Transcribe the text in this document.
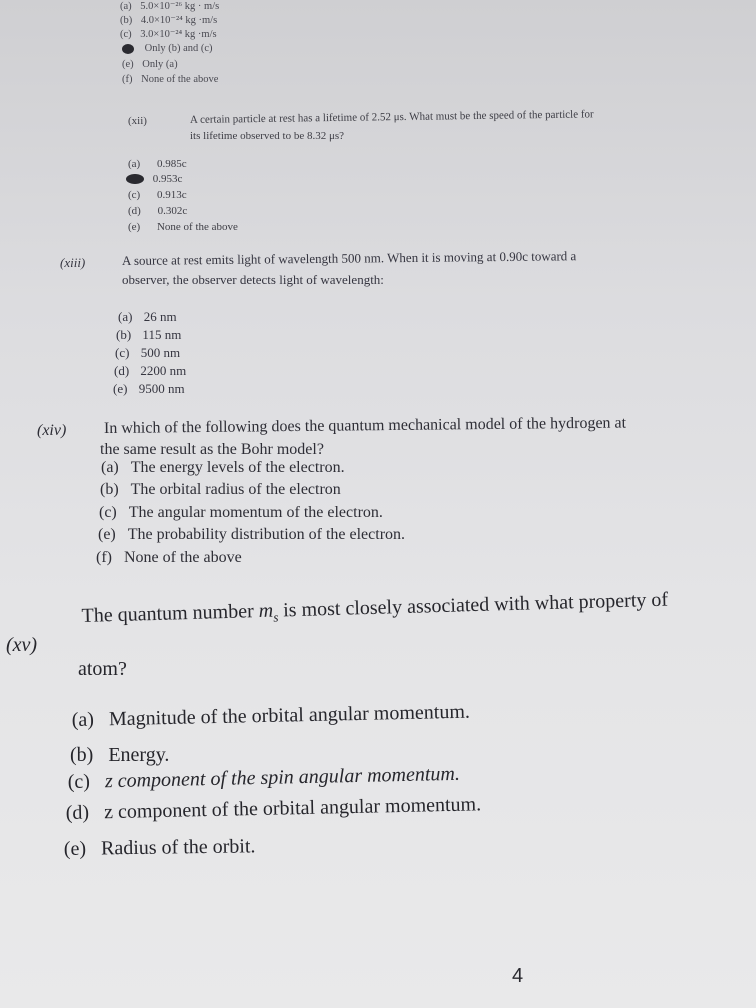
(a) 5.0×10⁻²⁶ kg · m/s
(b) 4.0×10⁻²⁴ kg ·m/s
(c) 3.0×10⁻²⁴ kg ·m/s
Only (b) and (c)
(e) Only (a)
(f) None of the above
(xii)	A certain particle at rest has a lifetime of 2.52 μs. What must be the speed of the particle for
its lifetime observed to be 8.32 μs?
(a) 0.985c
0.953c
(c) 0.913c
(d) 0.302c
(e) None of the above
(xiii)	A source at rest emits light of wavelength 500 nm. When it is moving at 0.90c toward a
observer, the observer detects light of wavelength:
(a) 26 nm
(b) 115 nm
(c) 500 nm
(d) 2200 nm
(e) 9500 nm
(xiv) In which of the following does the quantum mechanical model of the hydrogen at
the same result as the Bohr model?
(a) The energy levels of the electron.
(b) The orbital radius of the electron
(c) The angular momentum of the electron.
(e) The probability distribution of the electron.
(f) None of the above
(xv)
The quantum number $m_s$ is most closely associated with what property of
atom?
(a) Magnitude of the orbital angular momentum.
(b) Energy.
(c) z component of the spin angular momentum.
(d) z component of the orbital angular momentum.
(e) Radius of the orbit.
4
